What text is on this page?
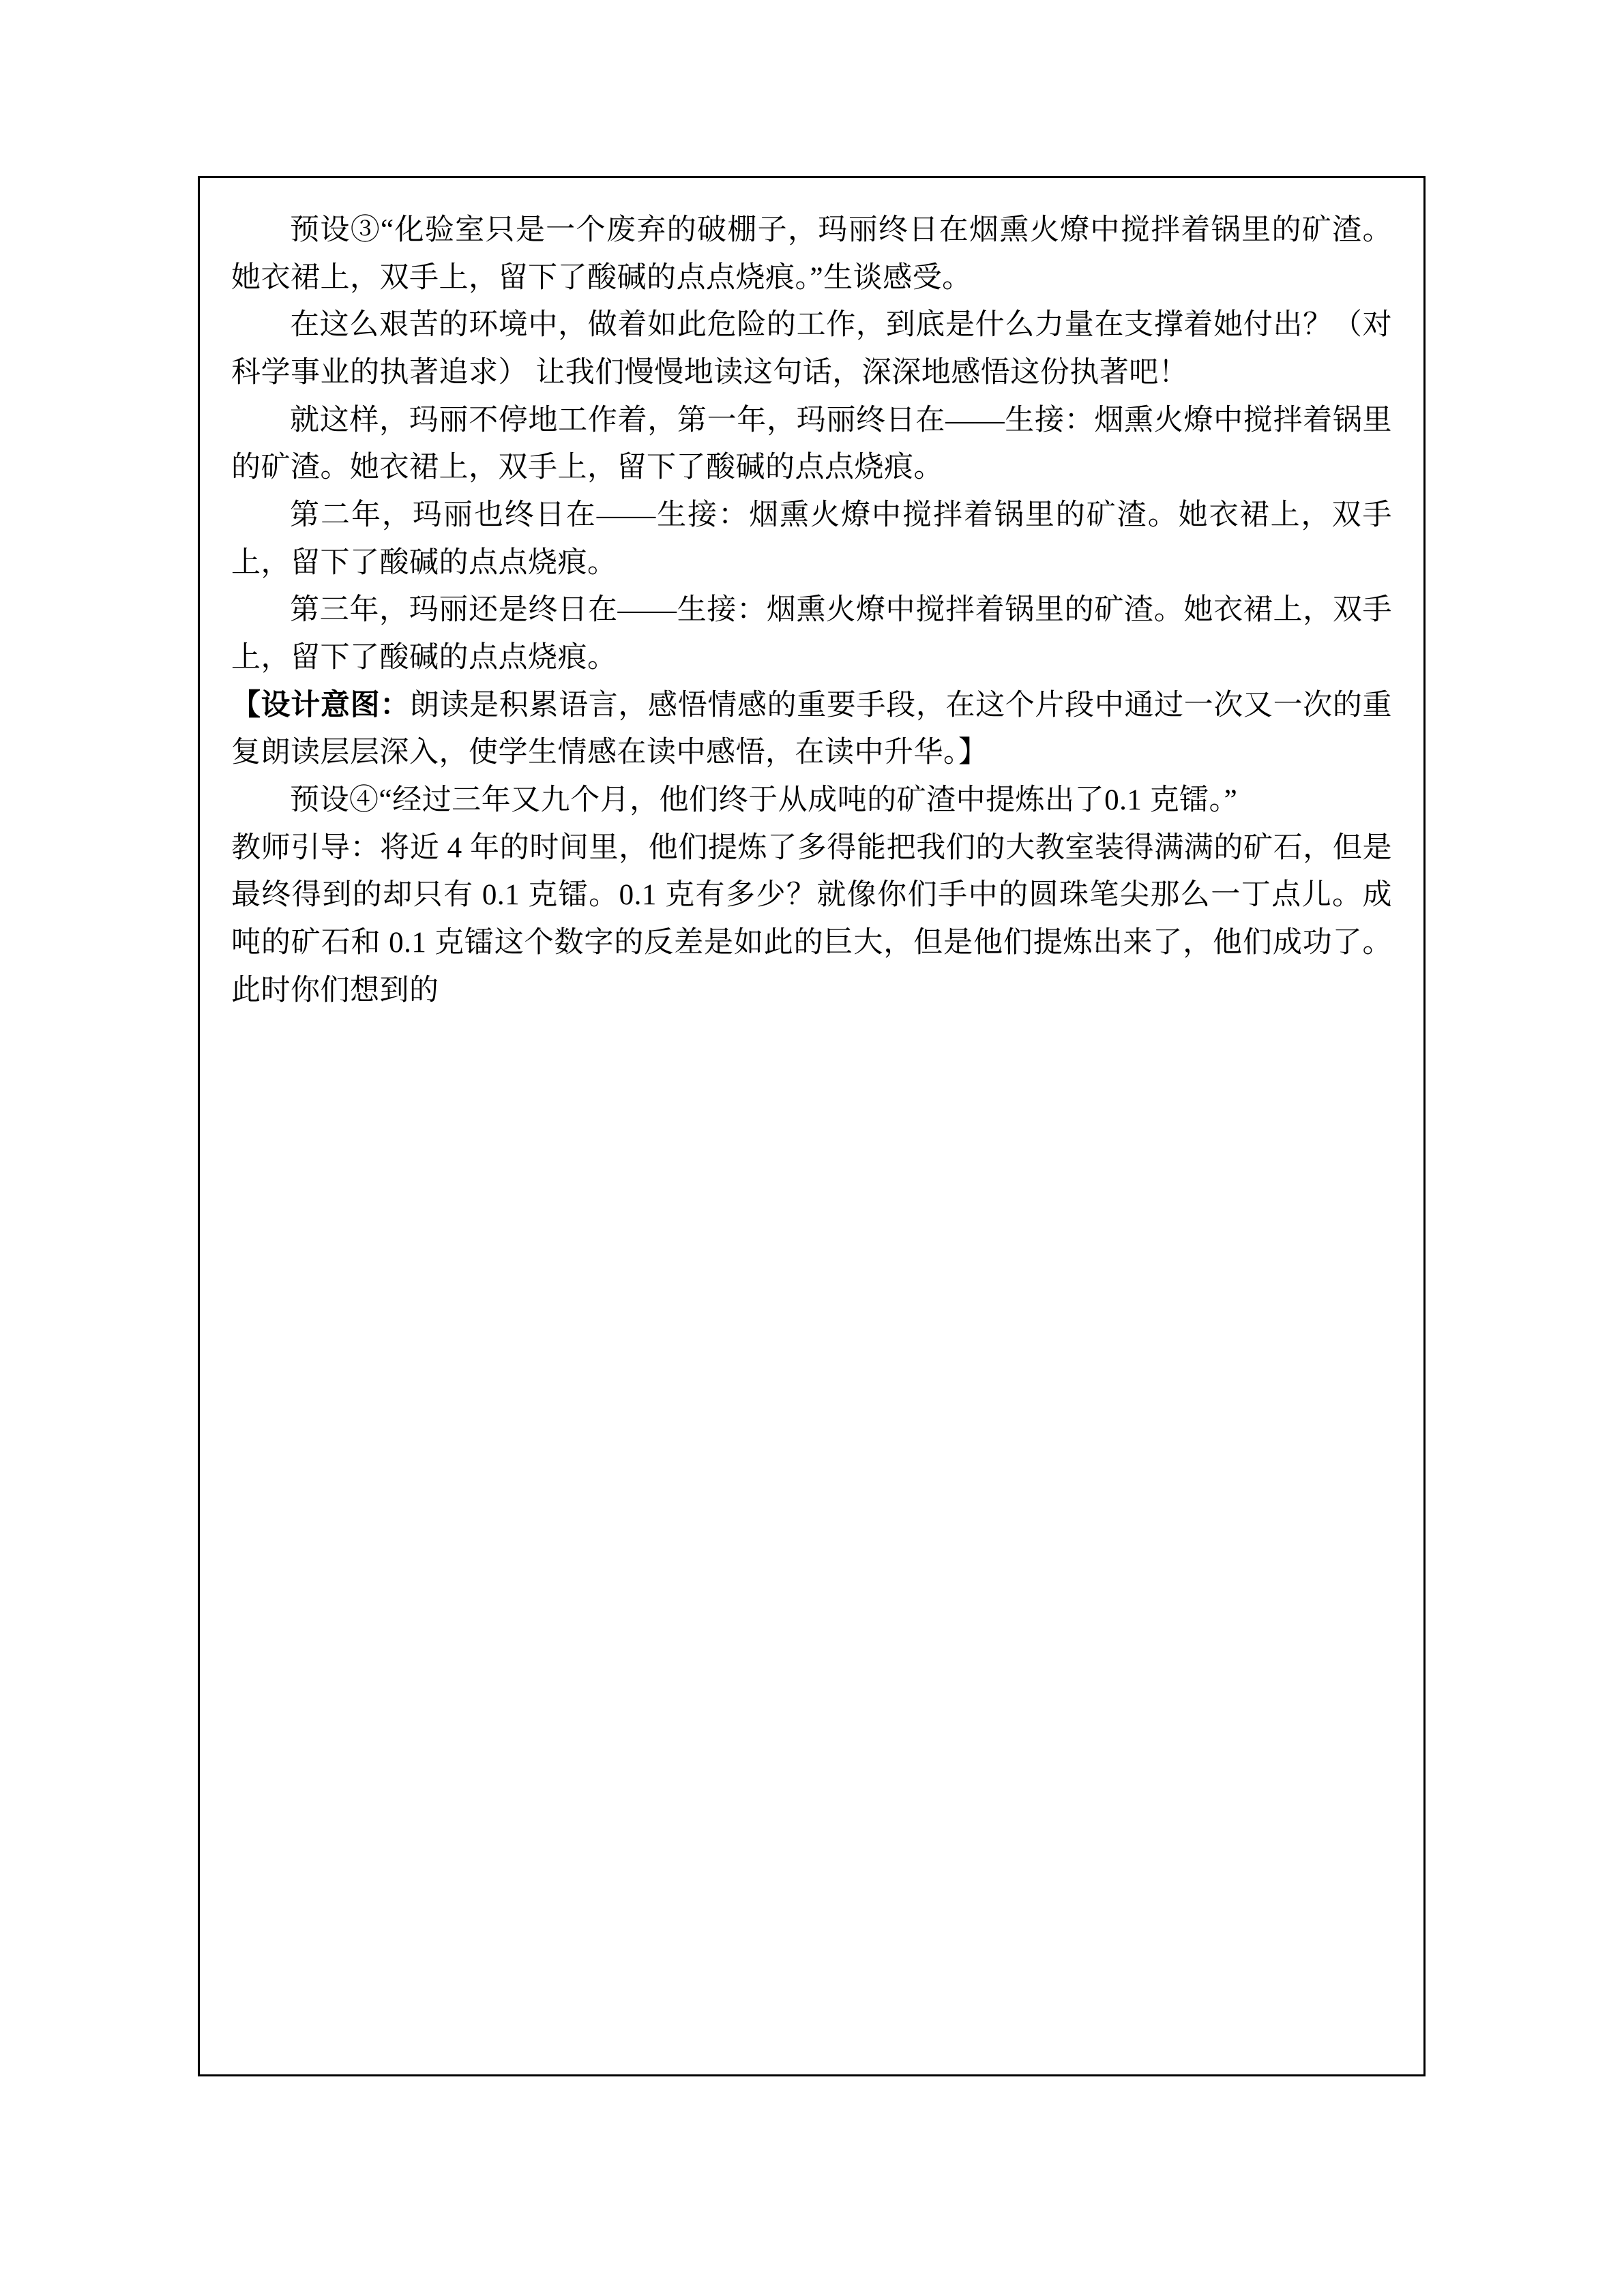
预设③“化验室只是一个废弃的破棚子，玛丽终日在烟熏火燎中搅拌着锅里的矿渣。她衣裙上，双手上，留下了酸碱的点点烧痕。”生谈感受。

在这么艰苦的环境中，做着如此危险的工作，到底是什么力量在支撑着她付出？（对科学事业的执著追求） 让我们慢慢地读这句话，深深地感悟这份执著吧！

就这样，玛丽不停地工作着，第一年，玛丽终日在——生接：烟熏火燎中搅拌着锅里的矿渣。她衣裙上，双手上，留下了酸碱的点点烧痕。

第二年，玛丽也终日在——生接：烟熏火燎中搅拌着锅里的矿渣。她衣裙上，双手上，留下了酸碱的点点烧痕。

第三年，玛丽还是终日在——生接：烟熏火燎中搅拌着锅里的矿渣。她衣裙上，双手上，留下了酸碱的点点烧痕。

【设计意图：朗读是积累语言，感悟情感的重要手段，在这个片段中通过一次又一次的重复朗读层层深入，使学生情感在读中感悟，在读中升华。】

预设④“经过三年又九个月，他们终于从成吨的矿渣中提炼出了0.1 克镭。”

教师引导：将近 4 年的时间里，他们提炼了多得能把我们的大教室装得满满的矿石，但是最终得到的却只有 0.1 克镭。0.1 克有多少？就像你们手中的圆珠笔尖那么一丁点儿。成吨的矿石和 0.1 克镭这个数字的反差是如此的巨大，但是他们提炼出来了，他们成功了。此时你们想到的
